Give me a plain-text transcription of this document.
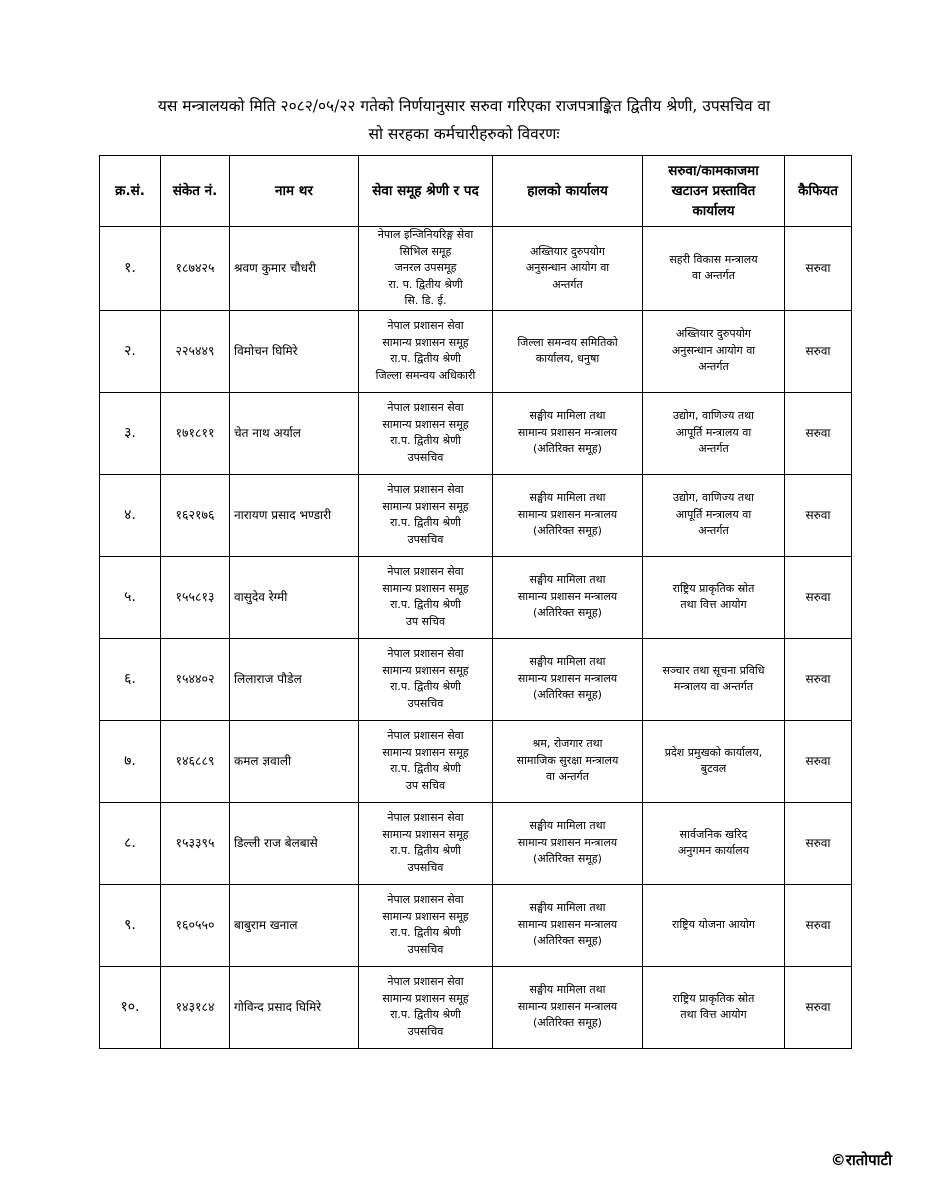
यस मन्त्रालयको मिति २०८२/०५/२२ गतेको निर्णयानुसार सरुवा गरिएका राजपत्राङ्कित द्वितीय श्रेणी, उपसचिव वा
सो सरहका कर्मचारीहरुको विवरणः
क्र.सं.	संकेत नं.	नाम थर	सेवा समूह श्रेणी र पद	हालको कार्यालय	सरुवा/कामकाजमा
खटाउन प्रस्तावित
कार्यालय	कैफियत
१.	१८७४२५	श्रवण कुमार चौधरी	नेपाल इन्जिनियरिङ्ग सेवा
सिभिल समूह
जनरल उपसमूह
रा. प. द्वितीय श्रेणी
सि. डि. ई.	अख्तियार दुरुपयोग
अनुसन्धान आयोग वा
अन्तर्गत	सहरी विकास मन्त्रालय
वा अन्तर्गत	सरुवा
२.	२२५४४९	विमोचन घिमिरे	नेपाल प्रशासन सेवा
सामान्य प्रशासन समूह
रा.प. द्वितीय श्रेणी
जिल्ला समन्वय अधिकारी	जिल्ला समन्वय समितिको
कार्यालय, धनुषा	अख्तियार दुरुपयोग
अनुसन्धान आयोग वा
अन्तर्गत	सरुवा
३.	१७१८११	चेत नाथ अर्याल	नेपाल प्रशासन सेवा
सामान्य प्रशासन समूह
रा.प. द्वितीय श्रेणी
उपसचिव	सङ्घीय मामिला तथा
सामान्य प्रशासन मन्त्रालय
(अतिरिक्त समूह)	उद्योग, वाणिज्य तथा
आपूर्ति मन्त्रालय वा
अन्तर्गत	सरुवा
४.	१६२१७६	नारायण प्रसाद भण्डारी	नेपाल प्रशासन सेवा
सामान्य प्रशासन समूह
रा.प. द्वितीय श्रेणी
उपसचिव	सङ्घीय मामिला तथा
सामान्य प्रशासन मन्त्रालय
(अतिरिक्त समूह)	उद्योग, वाणिज्य तथा
आपूर्ति मन्त्रालय वा
अन्तर्गत	सरुवा
५.	१५५८१३	वासुदेव रेग्मी	नेपाल प्रशासन सेवा
सामान्य प्रशासन समूह
रा.प. द्वितीय श्रेणी
उप सचिव	सङ्घीय मामिला तथा
सामान्य प्रशासन मन्त्रालय
(अतिरिक्त समूह)	राष्ट्रिय प्राकृतिक स्रोत
तथा वित्त आयोग	सरुवा
६.	१५४४०२	लिलाराज पौडेल	नेपाल प्रशासन सेवा
सामान्य प्रशासन समूह
रा.प. द्वितीय श्रेणी
उपसचिव	सङ्घीय मामिला तथा
सामान्य प्रशासन मन्त्रालय
(अतिरिक्त समूह)	सञ्चार तथा सूचना प्रविधि
मन्त्रालय वा अन्तर्गत	सरुवा
७.	१४६८८९	कमल ज्ञवाली	नेपाल प्रशासन सेवा
सामान्य प्रशासन समूह
रा.प. द्वितीय श्रेणी
उप सचिव	श्रम, रोजगार तथा
सामाजिक सुरक्षा मन्त्रालय
वा अन्तर्गत	प्रदेश प्रमुखको कार्यालय,
बुटवल	सरुवा
८.	१५३३९५	डिल्ली राज बेलबासे	नेपाल प्रशासन सेवा
सामान्य प्रशासन समूह
रा.प. द्वितीय श्रेणी
उपसचिव	सङ्घीय मामिला तथा
सामान्य प्रशासन मन्त्रालय
(अतिरिक्त समूह)	सार्वजनिक खरिद
अनुगमन कार्यालय	सरुवा
९.	१६०५५०	बाबुराम खनाल	नेपाल प्रशासन सेवा
सामान्य प्रशासन समूह
रा.प. द्वितीय श्रेणी
उपसचिव	सङ्घीय मामिला तथा
सामान्य प्रशासन मन्त्रालय
(अतिरिक्त समूह)	राष्ट्रिय योजना आयोग	सरुवा
१०.	१४३१८४	गोविन्द प्रसाद घिमिरे	नेपाल प्रशासन सेवा
सामान्य प्रशासन समूह
रा.प. द्वितीय श्रेणी
उपसचिव	सङ्घीय मामिला तथा
सामान्य प्रशासन मन्त्रालय
(अतिरिक्त समूह)	राष्ट्रिय प्राकृतिक स्रोत
तथा वित्त आयोग	सरुवा
©रातोपाटी
